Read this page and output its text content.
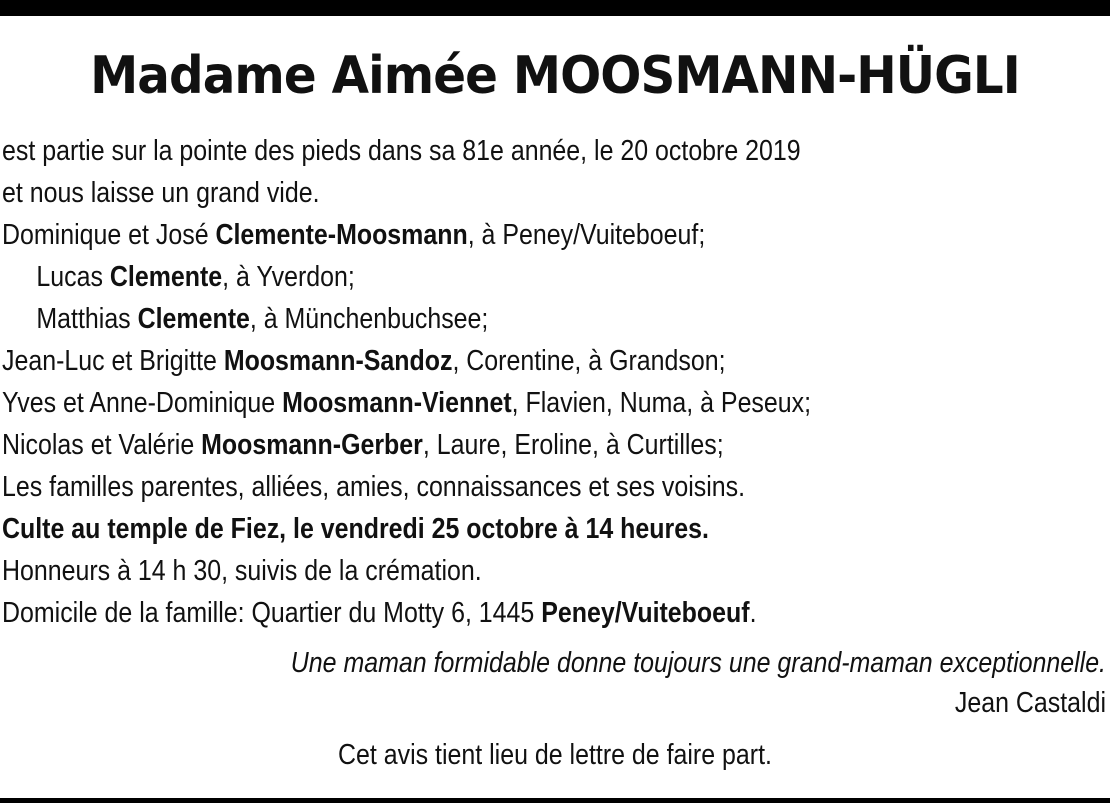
Madame Aimée MOOSMANN-HÜGLI
est partie sur la pointe des pieds dans sa 81e année, le 20 octobre 2019
et nous laisse un grand vide.
Dominique et José Clemente-Moosmann, à Peney/Vuiteboeuf;
Lucas Clemente, à Yverdon;
Matthias Clemente, à Münchenbuchsee;
Jean-Luc et Brigitte Moosmann-Sandoz, Corentine, à Grandson;
Yves et Anne-Dominique Moosmann-Viennet, Flavien, Numa, à Peseux;
Nicolas et Valérie Moosmann-Gerber, Laure, Eroline, à Curtilles;
Les familles parentes, alliées, amies, connaissances et ses voisins.
Culte au temple de Fiez, le vendredi 25 octobre à 14 heures.
Honneurs à 14 h 30, suivis de la crémation.
Domicile de la famille: Quartier du Motty 6, 1445 Peney/Vuiteboeuf.
Une maman formidable donne toujours une grand-maman exceptionnelle.
Jean Castaldi
Cet avis tient lieu de lettre de faire part.
